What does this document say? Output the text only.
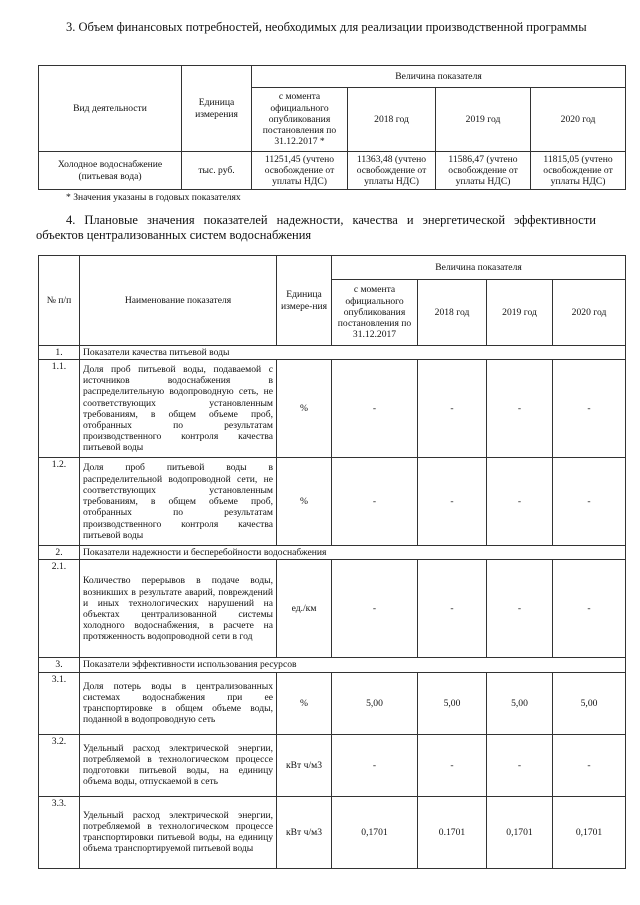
3. Объем финансовых потребностей, необходимых для реализации производственной программы
Вид деятельности	Единица измерения	Величина показателя			
		с момента официального опубликования постановления по 31.12.2017 *	2018 год	2019 год	2020 год
Холодное водоснабжение (питьевая вода)	тыс. руб.	11251,45 (учтено освобождение от уплаты НДС)	11363,48 (учтено освобождение от уплаты НДС)	11586,47 (учтено освобождение от уплаты НДС)	11815,05 (учтено освобождение от уплаты НДС)
* Значения указаны в годовых показателях
4. Плановые значения показателей надежности, качества и энергетической эффективности объектов централизованных систем водоснабжения
№ п/п	Наименование показателя	Единица измере-ния	Величина показателя			
			с момента официального опубликования постановления по 31.12.2017	2018 год	2019 год	2020 год
1.	Показатели качества питьевой воды					
1.1.	Доля проб питьевой воды, подаваемой с источников водоснабжения в распределительную водопроводную сеть, не соответствующих установленным требованиям, в общем объеме проб, отобранных по результатам производственного контроля качества питьевой воды	%	-	-	-	-
1.2.	Доля проб питьевой воды в распределительной водопроводной сети, не соответствующих установленным требованиям, в общем объеме проб, отобранных по результатам производственного контроля качества питьевой воды	%	-	-	-	-
2.	Показатели надежности и бесперебойности водоснабжения					
2.1.	Количество перерывов в подаче воды, возникших в результате аварий, повреждений и иных технологических нарушений на объектах централизованной системы холодного водоснабжения, в расчете на протяженность водопроводной сети в год	ед./км	-	-	-	-
3.	Показатели эффективности использования ресурсов					
3.1.	Доля потерь воды в централизованных системах водоснабжения при ее транспортировке в общем объеме воды, поданной в водопроводную сеть	%	5,00	5,00	5,00	5,00
3.2.	Удельный расход электрической энергии, потребляемой в технологическом процессе подготовки питьевой воды, на единицу объема воды, отпускаемой в сеть	кВт ч/м3	-	-	-	-
3.3.	Удельный расход электрической энергии, потребляемой в технологическом процессе транспортировки питьевой воды, на единицу объема транспортируемой питьевой воды	кВт ч/м3	0,1701	0.1701	0,1701	0,1701
